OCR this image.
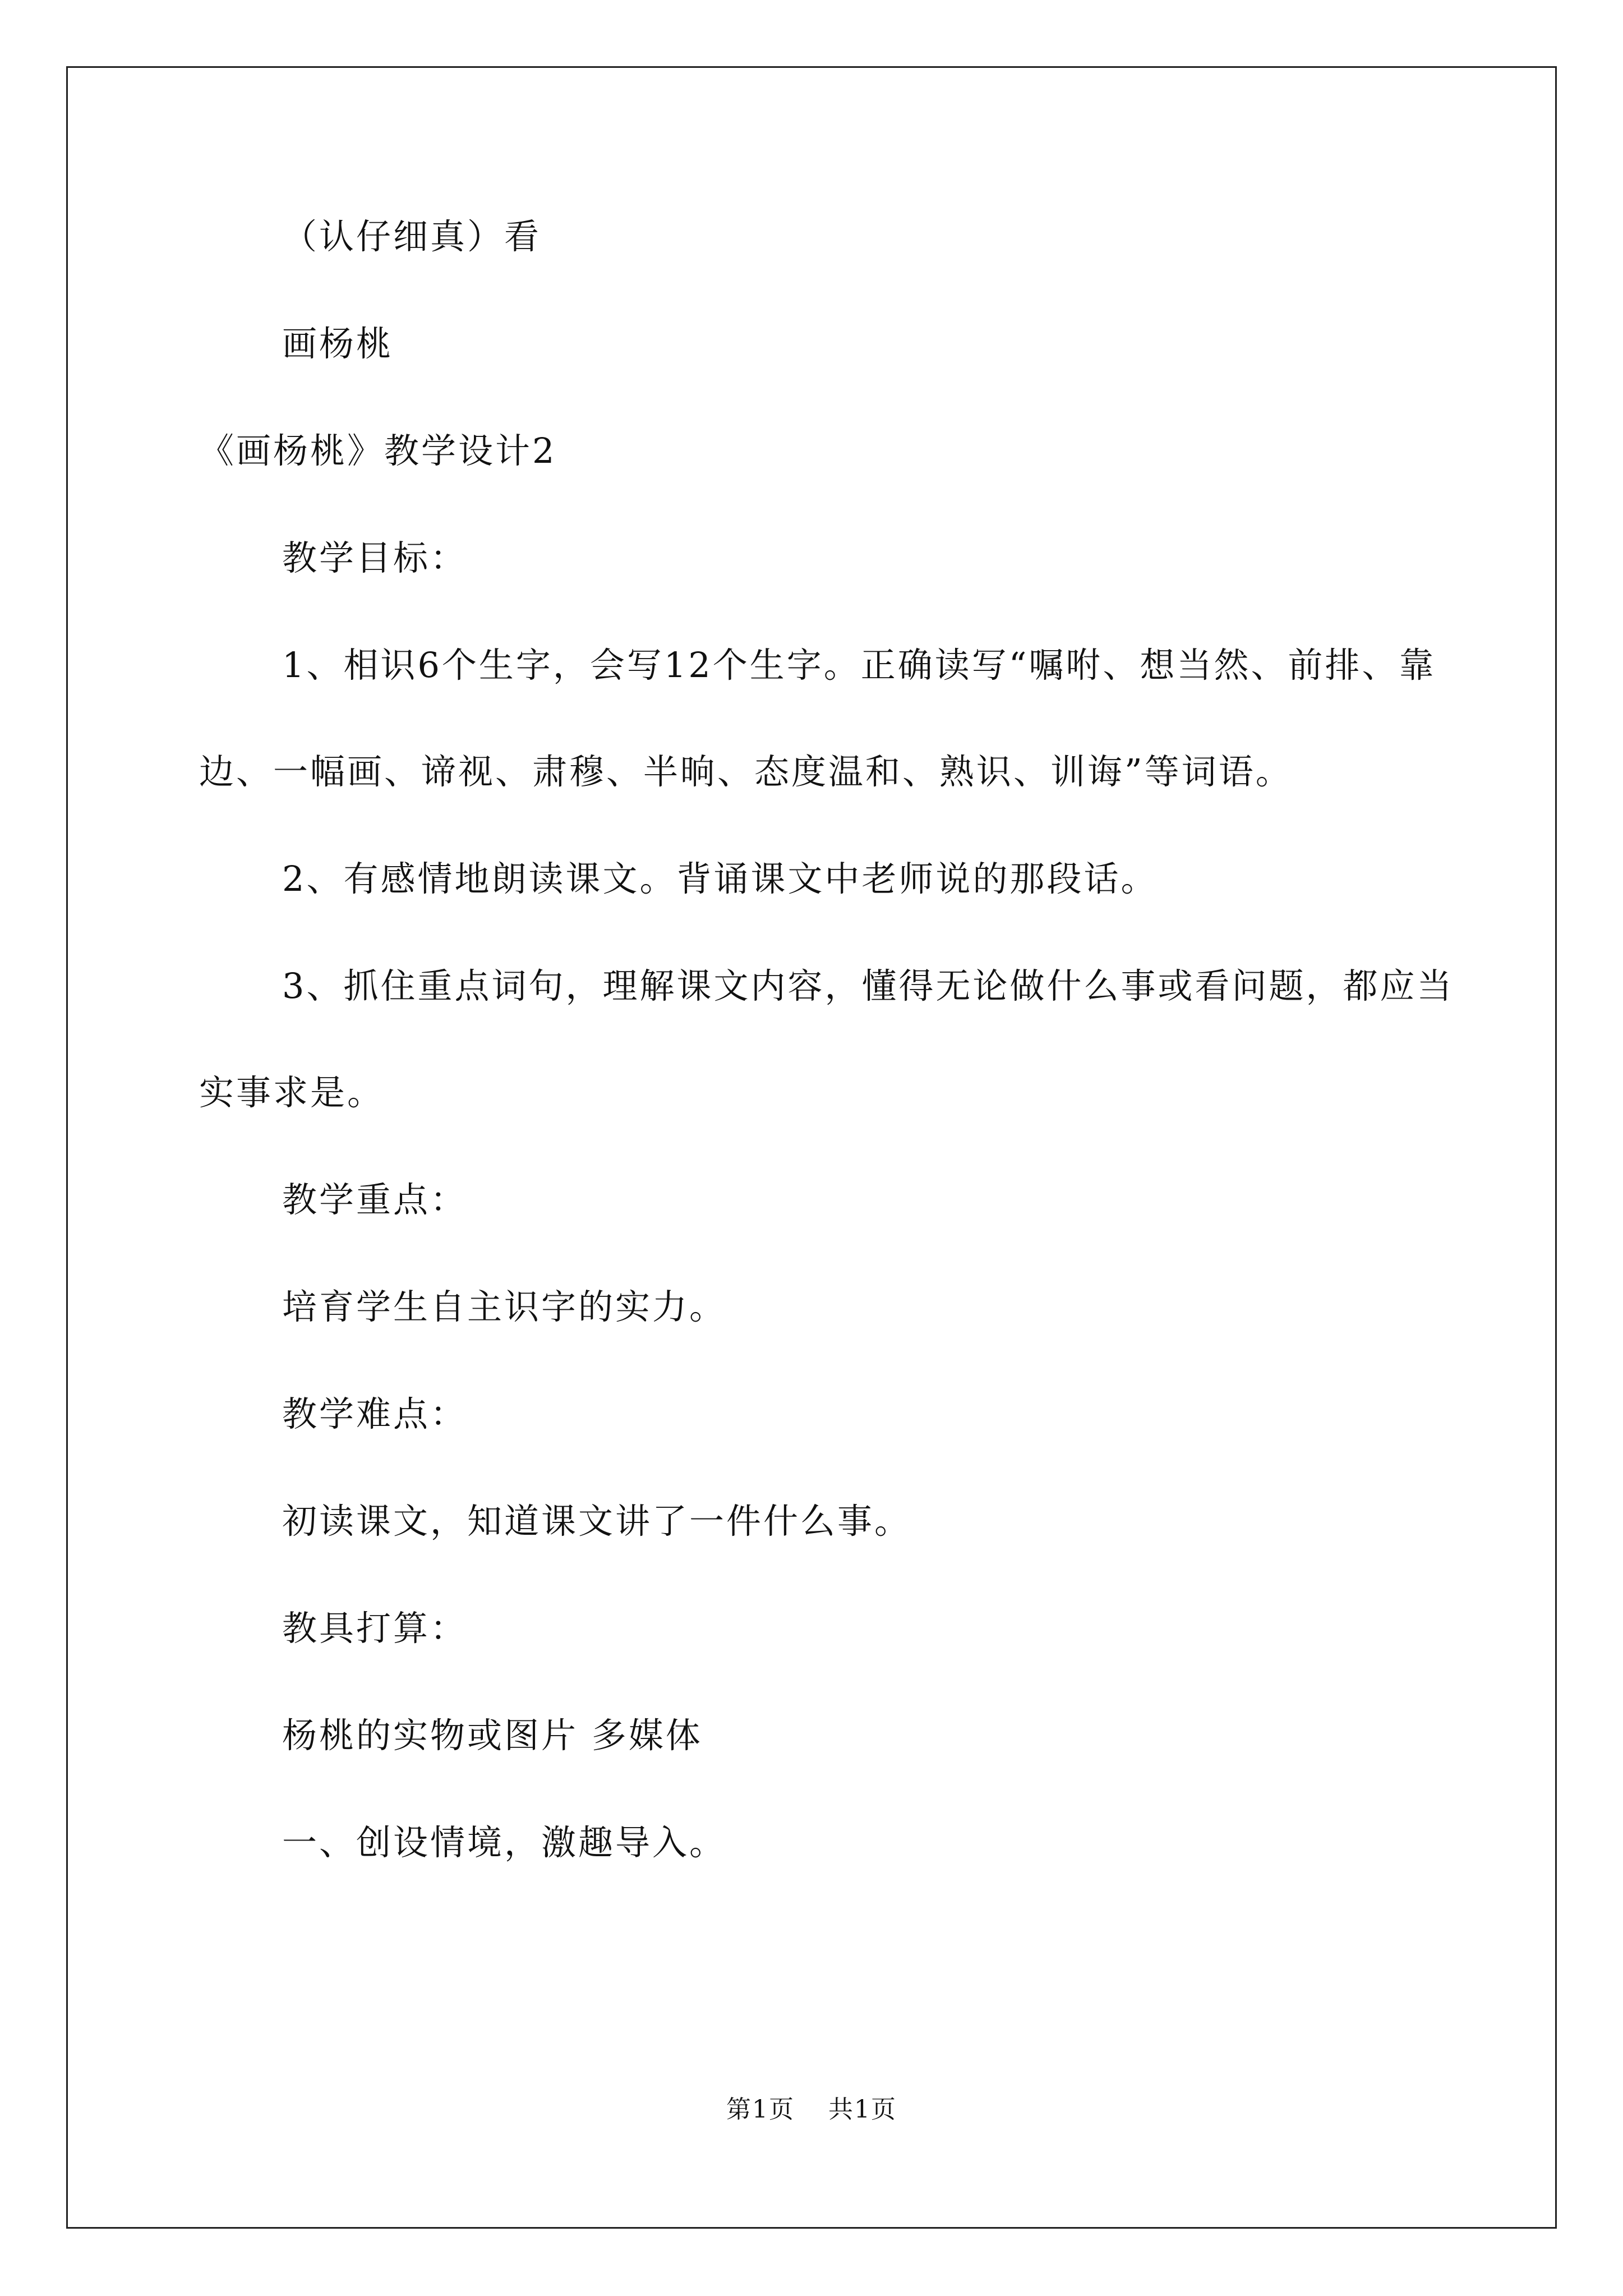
（认仔细真）看

画杨桃

《画杨桃》教学设计2

教学目标：

1、相识6个生字，会写12个生字。正确读写“嘱咐、想当然、前排、靠边、一幅画、谛视、肃穆、半晌、态度温和、熟识、训诲”等词语。

2、有感情地朗读课文。背诵课文中老师说的那段话。

3、抓住重点词句，理解课文内容，懂得无论做什么事或看问题，都应当实事求是。

教学重点：

培育学生自主识字的实力。

教学难点：

初读课文，知道课文讲了一件什么事。

教具打算：

杨桃的实物或图片 多媒体

一、创设情境，激趣导入。

第1页 共1页
